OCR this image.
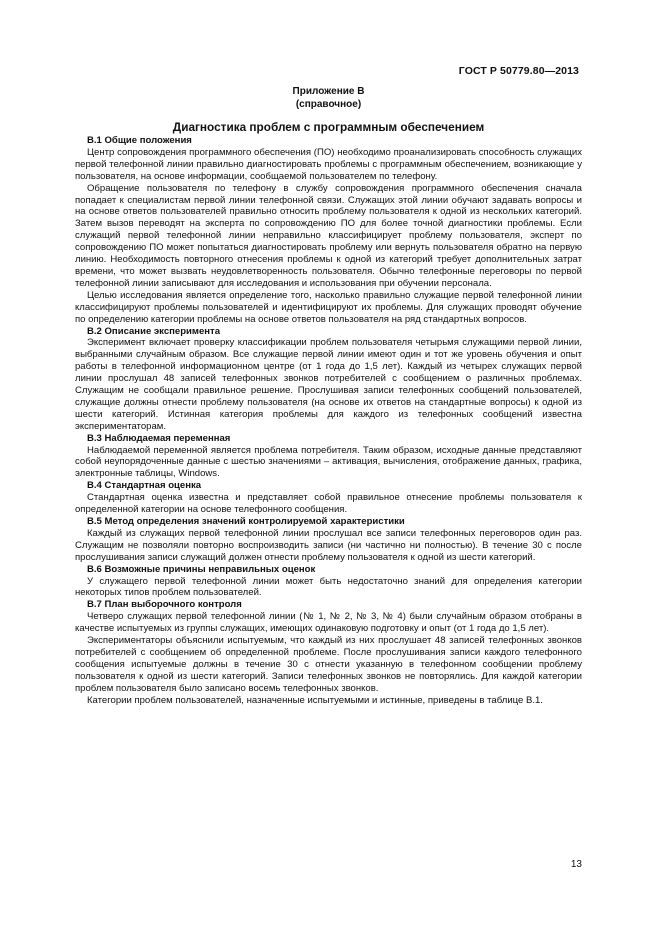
ГОСТ Р 50779.80—2013
Приложение В
(справочное)
Диагностика проблем с программным обеспечением
В.1 Общие положения

Центр сопровождения программного обеспечения (ПО) необходимо проанализировать способность служащих первой телефонной линии правильно диагностировать проблемы с программным обеспечением, возникающие у пользователя, на основе информации, сообщаемой пользователем по телефону.

Обращение пользователя по телефону в службу сопровождения программного обеспечения сначала попадает к специалистам первой линии телефонной связи. Служащих этой линии обучают задавать вопросы и на основе ответов пользователей правильно относить проблему пользователя к одной из нескольких категорий. Затем вызов переводят на эксперта по сопровождению ПО для более точной диагностики проблемы. Если служащий первой телефонной линии неправильно классифицирует проблему пользователя, эксперт по сопровождению ПО может попытаться диагностировать проблему или вернуть пользователя обратно на первую линию. Необходимость повторного отнесения проблемы к одной из категорий требует дополнительных затрат времени, что может вызвать неудовлетворенность пользователя. Обычно телефонные переговоры по первой телефонной линии записывают для исследования и использования при обучении персонала.

Целью исследования является определение того, насколько правильно служащие первой телефонной линии классифицируют проблемы пользователей и идентифицируют их проблемы. Для служащих проводят обучение по определению категории проблемы на основе ответов пользователя на ряд стандартных вопросов.

В.2 Описание эксперимента

Эксперимент включает проверку классификации проблем пользователя четырьмя служащими первой линии, выбранными случайным образом. Все служащие первой линии имеют один и тот же уровень обучения и опыт работы в телефонной информационном центре (от 1 года до 1,5 лет). Каждый из четырех служащих первой линии прослушал 48 записей телефонных звонков потребителей с сообщением о различных проблемах. Служащим не сообщали правильное решение. Прослушивая записи телефонных сообщений пользователей, служащие должны отнести проблему пользователя (на основе их ответов на стандартные вопросы) к одной из шести категорий. Истинная категория проблемы для каждого из телефонных сообщений известна экспериментаторам.

В.3 Наблюдаемая переменная

Наблюдаемой переменной является проблема потребителя. Таким образом, исходные данные представляют собой неупорядоченные данные с шестью значениями – активация, вычисления, отображение данных, графика, электронные таблицы, Windows.

В.4 Стандартная оценка

Стандартная оценка известна и представляет собой правильное отнесение проблемы пользователя к определенной категории на основе телефонного сообщения.

В.5 Метод определения значений контролируемой характеристики

Каждый из служащих первой телефонной линии прослушал все записи телефонных переговоров один раз. Служащим не позволяли повторно воспроизводить записи (ни частично ни полностью). В течение 30 с после прослушивания записи служащий должен отнести проблему пользователя к одной из шести категорий.

В.6 Возможные причины неправильных оценок

У служащего первой телефонной линии может быть недостаточно знаний для определения категории некоторых типов проблем пользователей.

В.7 План выборочного контроля

Четверо служащих первой телефонной линии (№ 1, № 2, № 3, № 4) были случайным образом отобраны в качестве испытуемых из группы служащих, имеющих одинаковую подготовку и опыт (от 1 года до 1,5 лет).

Экспериментаторы объяснили испытуемым, что каждый из них прослушает 48 записей телефонных звонков потребителей с сообщением об определенной проблеме. После прослушивания записи каждого телефонного сообщения испытуемые должны в течение 30 с отнести указанную в телефонном сообщении проблему пользователя к одной из шести категорий. Записи телефонных звонков не повторялись. Для каждой категории проблем пользователя было записано восемь телефонных звонков.

Категории проблем пользователей, назначенные испытуемыми и истинные, приведены в таблице В.1.

13
